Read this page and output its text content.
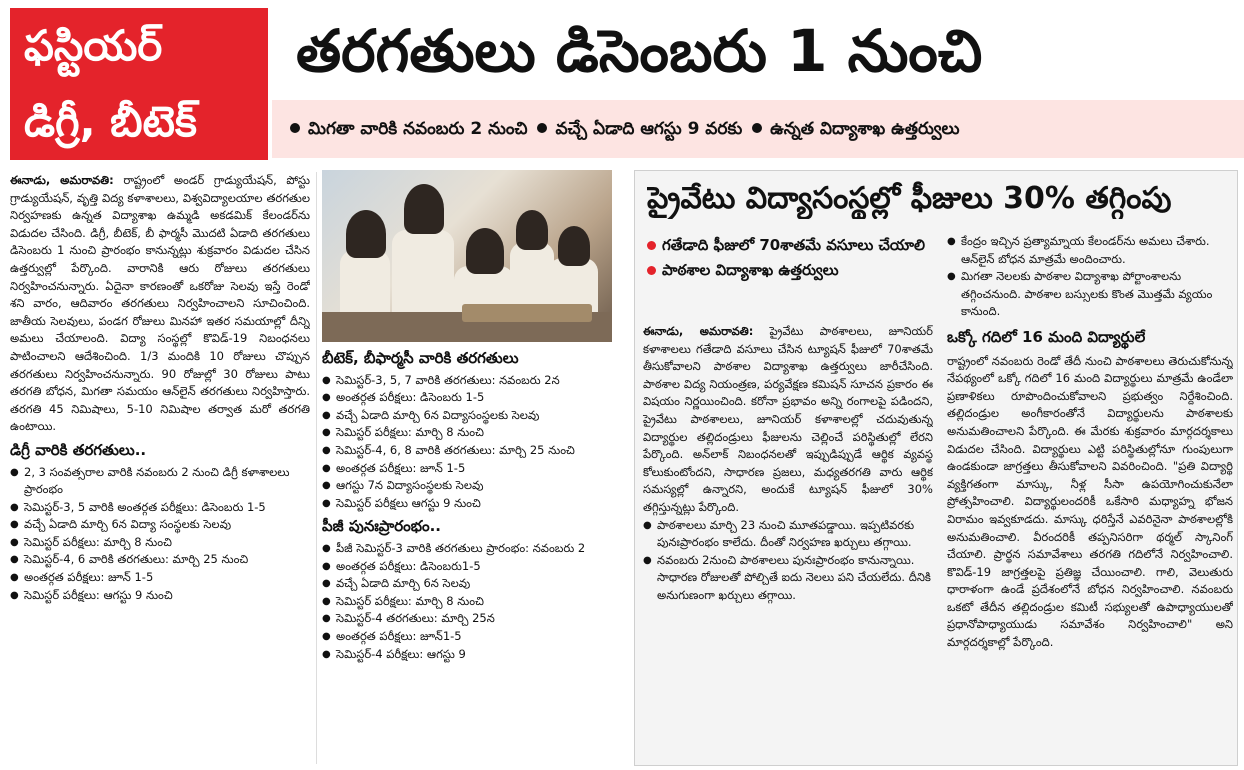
ఫస్టియర్
డిగ్రీ, బీటెక్
తరగతులు డిసెంబరు 1 నుంచి
మిగతా వారికి నవంబరు 2 నుంచి వచ్చే ఏడాది ఆగస్టు 9 వరకు ఉన్నత విద్యాశాఖ ఉత్తర్వులు

ఈనాడు, అమరావతి: రాష్ట్రంలో అండర్ గ్రాడ్యుయేషన్, పోస్టు గ్రాడ్యుయేషన్, వృత్తి విద్య కళాశాలలు, విశ్వవిద్యాలయాల తరగతుల నిర్వహణకు ఉన్నత విద్యాశాఖ ఉమ్మడి అకడమిక్ కేలండర్‌ను విడుదల చేసింది. డిగ్రీ, బీటెక్, బీ ఫార్మసీ మొదటి ఏడాది తరగతులు డిసెంబరు 1 నుంచి ప్రారంభం కానున్నట్లు శుక్రవారం విడుదల చేసిన ఉత్తర్వుల్లో పేర్కొంది. వారానికి ఆరు రోజులు తరగతులు నిర్వహించనున్నారు. ఏదైనా కారణంతో ఒకరోజు సెలవు ఇస్తే రెండో శని వారం, ఆదివారం తరగతులు నిర్వహించాలని సూచించింది. జాతీయ సెలవులు, పండగ రోజులు మినహా ఇతర సమయాల్లో దీన్ని అమలు చేయాలంది. విద్యా సంస్థల్లో కొవిడ్-19 నిబంధనలు పాటించాలని ఆదేశించింది. 1/3 మందికి 10 రోజులు చొప్పున తరగతులు నిర్వహించనున్నారు. 90 రోజుల్లో 30 రోజులు పాటు తరగతి బోధన, మిగతా సమయం ఆన్‌లైన్ తరగతులు నిర్వహిస్తారు. తరగతి 45 నిమిషాలు, 5-10 నిమిషాల తర్వాత మరో తరగతి ఉంటాయి.

డిగ్రీ వారికి తరగతులు..
● 2, 3 సంవత్సరాల వారికి నవంబరు 2 నుంచి డిగ్రీ కళాశాలలు ప్రారంభం
● సెమిస్టర్-3, 5 వారికి అంతర్గత పరీక్షలు: డిసెంబరు 1-5
● వచ్చే ఏడాది మార్చి 6న విద్యా సంస్థలకు సెలవు
● సెమిస్టర్ పరీక్షలు: మార్చి 8 నుంచి
● సెమిస్టర్-4, 6 వారికి తరగతులు: మార్చి 25 నుంచి
● అంతర్గత పరీక్షలు: జూన్ 1-5
● సెమిస్టర్ పరీక్షలు: ఆగస్టు 9 నుంచి
బీటెక్, బీఫార్మసీ వారికి తరగతులు
● సెమిస్టర్-3, 5, 7 వారికి తరగతులు: నవంబరు 2న
● అంతర్గత పరీక్షలు: డిసెంబరు 1-5
● వచ్చే ఏడాది మార్చి 6న విద్యాసంస్థలకు సెలవు
● సెమిస్టర్ పరీక్షలు: మార్చి 8 నుంచి
● సెమిస్టర్-4, 6, 8 వారికి తరగతులు: మార్చి 25 నుంచి
● అంతర్గత పరీక్షలు: జూన్ 1-5
● ఆగస్టు 7న విద్యాసంస్థలకు సెలవు
● సెమిస్టర్ పరీక్షలు ఆగస్టు 9 నుంచి
పీజీ పునఃప్రారంభం..
● పీజీ సెమిస్టర్-3 వారికి తరగతులు ప్రారంభం: నవంబరు 2
● అంతర్గత పరీక్షలు: డిసెంబరు1-5
● వచ్చే ఏడాది మార్చి 6న సెలవు
● సెమిస్టర్ పరీక్షలు: మార్చి 8 నుంచి
● సెమిస్టర్-4 తరగతులు: మార్చి 25న
● అంతర్గత పరీక్షలు: జూన్1-5
● సెమిస్టర్-4 పరీక్షలు: ఆగస్టు 9
ప్రైవేటు విద్యాసంస్థల్లో ఫీజులు 30% తగ్గింపు
గతేడాది ఫీజులో 70శాతమే వసూలు చేయాలి
పాఠశాల విద్యాశాఖ ఉత్తర్వులు

ఈనాడు, అమరావతి: ప్రైవేటు పాఠశాలలు, జూనియర్ కళాశాలలు గతేడాది వసూలు చేసిన ట్యూషన్ ఫీజులో 70శాతమే తీసుకోవాలని పాఠశాల విద్యాశాఖ ఉత్తర్వులు జారీచేసింది. పాఠశాల విద్య నియంత్రణ, పర్యవేక్షణ కమిషన్ సూచన ప్రకారం ఈ విషయం నిర్ణయించింది. కరోనా ప్రభావం అన్ని రంగాలపై పడిందని, ప్రైవేటు పాఠశాలలు, జూనియర్ కళాశాలల్లో చదువుతున్న విద్యార్థుల తల్లిదండ్రులు ఫీజులను చెల్లించే పరిస్థితుల్లో లేరని పేర్కొంది. అన్‌లాక్ నిబంధనలతో ఇప్పుడిప్పుడే ఆర్థిక వ్యవస్థ కోలుకుంటోందని, సాధారణ ప్రజలు, మధ్యతరగతి వారు ఆర్థిక సమస్యల్లో ఉన్నారని, అందుకే ట్యూషన్ ఫీజులో 30% తగ్గిస్తున్నట్లు పేర్కొంది.

● పాఠశాలలు మార్చి 23 నుంచి మూతపడ్డాయి. ఇప్పటివరకు పునఃప్రారంభం కాలేదు. దీంతో నిర్వహణ ఖర్చులు తగ్గాయి.
● నవంబరు 2నుంచి పాఠశాలలు పునఃప్రారంభం కానున్నాయి. సాధారణ రోజులతో పోల్చితే ఐదు నెలలు పని చేయలేదు. దీనికి అనుగుణంగా ఖర్చులు తగ్గాయి.
● కేంద్రం ఇచ్చిన ప్రత్యామ్నాయ కేలండర్‌ను అమలు చేశారు. ఆన్‌లైన్ బోధన మాత్రమే అందించారు.
● మిగతా నెలలకు పాఠశాల విద్యాశాఖ పోర్టాంశాలను తగ్గించనుంది. పాఠశాల బస్సులకు కొంత మొత్తమే వ్యయం కానుంది.
ఒక్కో గదిలో 16 మంది విద్యార్థులే

రాష్ట్రంలో నవంబరు రెండో తేదీ నుంచి పాఠశాలలు తెరుచుకోనున్న నేపథ్యంలో ఒక్కో గదిలో 16 మంది విద్యార్థులు మాత్రమే ఉండేలా ప్రణాళికలు రూపొందించుకోవాలని ప్రభుత్వం నిర్దేశించింది. తల్లిదండ్రుల అంగీకారంతోనే విద్యార్థులను పాఠశాలకు అనుమతించాలని పేర్కొంది. ఈ మేరకు శుక్రవారం మార్గదర్శకాలు విడుదల చేసింది. విద్యార్థులు ఎట్టి పరిస్థితుల్లోనూ గుంపులుగా ఉండకుండా జాగ్రత్తలు తీసుకోవాలని వివరించింది. "ప్రతి విద్యార్థి వ్యక్తిగతంగా మాస్కు, నీళ్ల సీసా ఉపయోగించుకునేలా ప్రోత్సహించాలి. విద్యార్థులందరికీ ఒకేసారి మధ్యాహ్న భోజన విరామం ఇవ్వకూడదు. మాస్కు ధరిస్తేనే ఎవరినైనా పాఠశాలల్లోకి అనుమతించాలి. వీరందరికీ తప్పనిసరిగా థర్మల్ స్కానింగ్ చేయాలి. ప్రార్థన సమావేశాలు తరగతి గదిలోనే నిర్వహించాలి. కొవిడ్-19 జాగ్రత్తలపై ప్రతిజ్ఞ చేయించాలి. గాలి, వెలుతురు ధారాళంగా ఉండే ప్రదేశంలోనే బోధన నిర్వహించాలి. నవంబరు ఒకటో తేదీన తల్లిదండ్రుల కమిటీ సభ్యులతో ఉపాధ్యాయులతో ప్రధానోపాధ్యాయుడు సమావేశం నిర్వహించాలి" అని మార్గదర్శకాల్లో పేర్కొంది.
